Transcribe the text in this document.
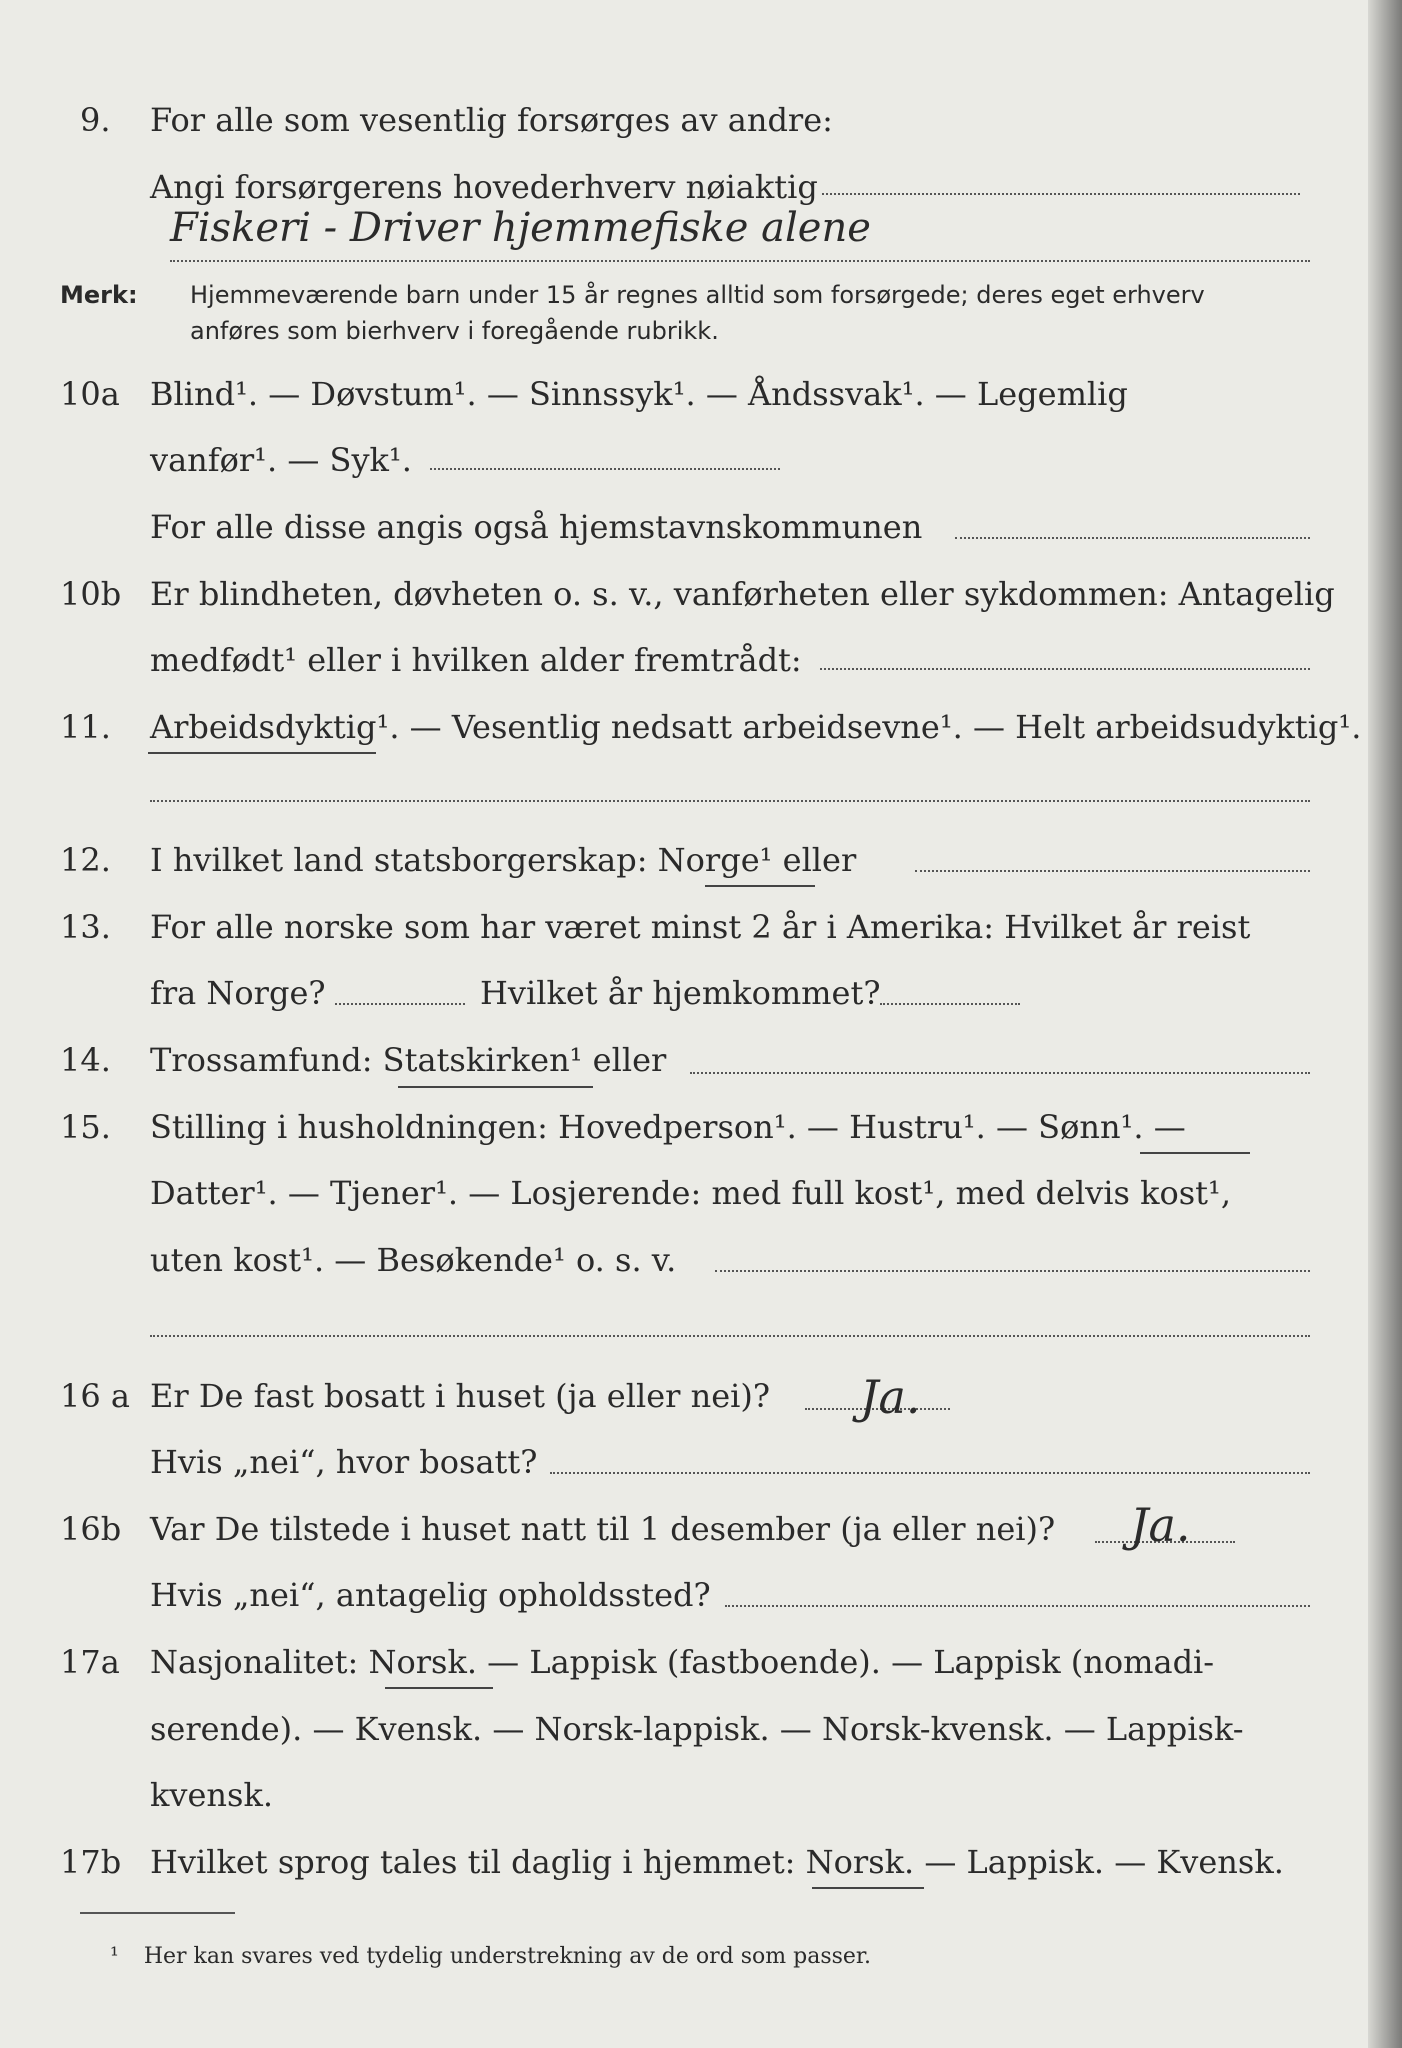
9. For alle som vesentlig forsørges av andre:
Angi forsørgerens hovederhverv nøiaktig
Fiskeri - Driver hjemmefiske alene
Merk: Hjemmeværende barn under 15 år regnes alltid som forsørgede; deres eget erhverv
anføres som bierhverv i foregående rubrikk.
10a Blind¹. — Døvstum¹. — Sinnssyk¹. — Åndssvak¹. — Legemlig
vanfør¹. — Syk¹.
For alle disse angis også hjemstavnskommunen
10b Er blindheten, døvheten o. s. v., vanførheten eller sykdommen: Antagelig
medfødt¹ eller i hvilken alder fremtrådt:
11. Arbeidsdyktig¹. — Vesentlig nedsatt arbeidsevne¹. — Helt arbeidsudyktig¹.
12. I hvilket land statsborgerskap: Norge¹ eller
13. For alle norske som har været minst 2 år i Amerika: Hvilket år reist
fra Norge?	Hvilket år hjemkommet?
14. Trossamfund: Statskirken¹ eller
15. Stilling i husholdningen: Hovedperson¹. — Hustru¹. — Sønn¹. —
Datter¹. — Tjener¹. — Losjerende: med full kost¹, med delvis kost¹,
uten kost¹. — Besøkende¹ o. s. v.
16 a Er De fast bosatt i huset (ja eller nei)? Ja.
Hvis „nei“, hvor bosatt?
16b Var De tilstede i huset natt til 1 desember (ja eller nei)? Ja.
Hvis „nei“, antagelig opholdssted?
17a Nasjonalitet: Norsk. — Lappisk (fastboende). — Lappisk (nomadi-
serende). — Kvensk. — Norsk-lappisk. — Norsk-kvensk. — Lappisk-
kvensk.
17b Hvilket sprog tales til daglig i hjemmet: Norsk. — Lappisk. — Kvensk.
¹ Her kan svares ved tydelig understrekning av de ord som passer.
